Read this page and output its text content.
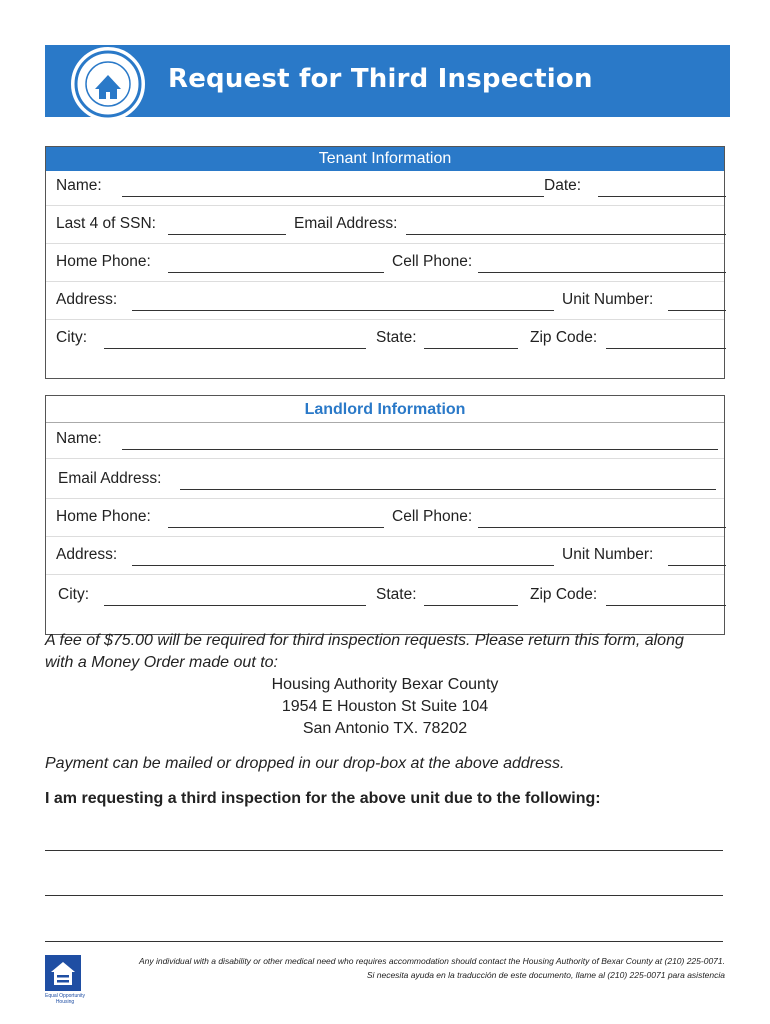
Request for Third Inspection
Tenant Information
Name:	Date:
Last 4 of SSN:	Email Address:
Home Phone:	Cell Phone:
Address:	Unit Number:
City:	State:	Zip Code:
Landlord Information
Name:
Email Address:
Home Phone:	Cell Phone:
Address:	Unit Number:
City:	State:	Zip Code:
A fee of $75.00 will be required for third inspection requests. Please return this form, along
with a Money Order made out to:
Housing Authority Bexar County
1954 E Houston St Suite 104
San Antonio TX. 78202
Payment can be mailed or dropped in our drop-box at the above address.
I am requesting a third inspection for the above unit due to the following:
Equal Opportunity Housing
Any individual with a disability or other medical need who requires accommodation should contact the Housing Authority of Bexar County at (210) 225-0071.
Si necesita ayuda en la traducción de este documento, llame al (210) 225-0071 para asistencia
